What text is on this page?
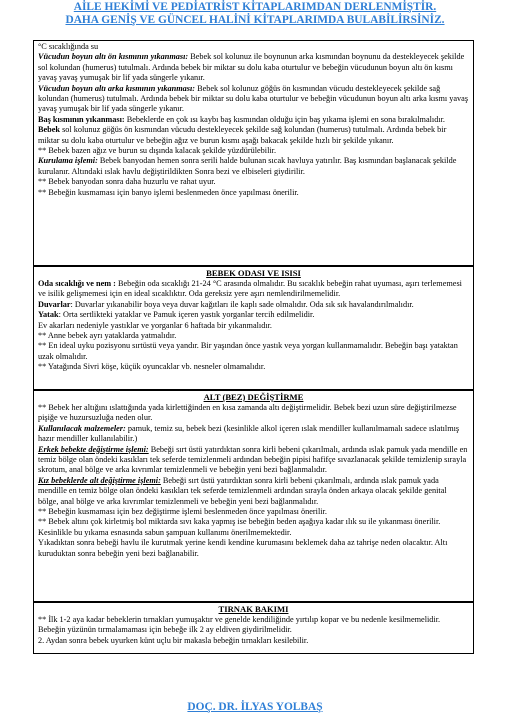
AİLE HEKİMİ VE PEDİATRİST KİTAPLARIMDAN DERLENMİŞTİR.
DAHA GENİŞ VE GÜNCEL HALİNİ KİTAPLARIMDA BULABİLİRSİNİZ.

°C sıcaklığında su

Vücudun boyun altı ön kısmının yıkanması: Bebek sol kolunuz ile boynunun arka kısmından boynunu da destekleyecek şekilde sol kolundan (humerus) tutulmalı. Ardında bebek bir miktar su dolu kaba oturtulur ve bebeğin vücudunun boyun altı ön kısmı yavaş yavaş yumuşak bir lif yada süngerle yıkanır.

Vücudun boyun altı arka kısmının yıkanması: Bebek sol kolunuz göğüs ön kısmından vücudu destekleyecek şekilde sağ kolundan (humerus) tutulmalı. Ardında bebek bir miktar su dolu kaba oturtulur ve bebeğin vücudunun boyun altı arka kısmı yavaş yavaş yumuşak bir lif yada süngerle yıkanır.

Baş kısmının yıkanması: Bebeklerde en çok ısı kaybı baş kısmından olduğu için baş yıkama işlemi en sona bırakılmalıdır. Bebek sol kolunuz göğüs ön kısmından vücudu destekleyecek şekilde sağ kolundan (humerus) tutulmalı. Ardında bebek bir miktar su dolu kaba oturtulur ve bebeğin ağız ve burun kısmı aşağı bakacak şekilde hızlı bir şekilde yıkanır.

** Bebek bazen ağız ve burun su dışında kalacak şekilde yüzdürülebilir.

Kurulama işlemi: Bebek banyodan hemen sonra serili halde bulunan sıcak havluya yatırılır. Baş kısmından başlanacak şekilde kurulanır. Altındaki ıslak havlu değiştirildikten Sonra bezi ve elbiseleri giydirilir.

** Bebek banyodan sonra daha huzurlu ve rahat uyur.

** Bebeğin kusmaması için banyo işlemi beslenmeden önce yapılması önerilir.

BEBEK ODASI VE ISISI

Oda sıcaklığı ve nem : Bebeğin oda sıcaklığı 21-24 °C arasında olmalıdır. Bu sıcaklık bebeğin rahat uyuması, aşırı terlememesi ve isilik gelişmemesi için en ideal sıcaklıktır. Oda gereksiz yere aşırı nemlendirilmemelidir.

Duvarlar: Duvarlar yıkanabilir boya veya duvar kağıtları ile kaplı sade olmalıdır. Oda sık sık havalandırılmalıdır.

Yatak: Orta sertlikteki yataklar ve Pamuk içeren yastık yorganlar tercih edilmelidir.

Ev akarları nedeniyle yastıklar ve yorganlar 6 haftada bir yıkanmalıdır.

** Anne bebek ayrı yataklarda yatmalıdır.

** En ideal uyku pozisyonu sırtüstü veya yandır. Bir yaşından önce yastık veya yorgan kullanmamalıdır. Bebeğin başı yataktan uzak olmalıdır.

** Yatağında Sivri köşe, küçük oyuncaklar vb. nesneler olmamalıdır.

ALT (BEZ) DEĞİŞTİRME

** Bebek her altığını ıslattığında yada kirlettiğinden en kısa zamanda altı değiştirmelidir. Bebek bezi uzun süre değiştirilmezse pişiğe ve huzursuzluğa neden olur.

Kullanılacak malzemeler: pamuk, temiz su, bebek bezi (kesinlikle alkol içeren ıslak mendiller kullanılmamalı sadece ıslatılmış hazır mendiller kullanılabilir.)

Erkek bebekte değiştirme işlemi: Bebeği sırt üstü yatırdıktan sonra kirli bebeni çıkarılmalı, ardında ıslak pamuk yada mendille en temiz bölge olan öndeki kasıkları tek seferde temizlenmeli ardından bebeğin pipisi hafifçe sıvazlanacak şekilde temizlenip sırayla skrotum, anal bölge ve arka kıvrımlar temizlenmeli ve bebeğin yeni bezi bağlanmalıdır.

Kız bebeklerde alt değiştirme işlemi: Bebeği sırt üstü yatırdıktan sonra kirli bebeni çıkarılmalı, ardında ıslak pamuk yada mendille en temiz bölge olan öndeki kasıkları tek seferde temizlenmeli ardından sırayla önden arkaya olacak şekilde genital bölge, anal bölge ve arka kıvrımlar temizlenmeli ve bebeğin yeni bezi bağlanmalıdır.

** Bebeğin kusmaması için bez değiştirme işlemi beslenmeden önce yapılması önerilir.

** Bebek altını çok kirletmiş bol miktarda sıvı kaka yapmış ise bebeğin beden aşağıya kadar ılık su ile yıkanması önerilir. Kesinlikle bu yıkama esnasında sabun şampuan kullanımı önerilmemektedir.

Yıkadıktan sonra bebeği havlu ile kurutmak yerine kendi kendine kurumasını beklemek daha az tahrişe neden olacaktır. Altı kuruduktan sonra bebeğin yeni bezi bağlanabilir.

TIRNAK BAKIMI

** İlk 1-2 aya kadar bebeklerin tırnakları yumuşaktır ve genelde kendiliğinde yırtılıp kopar ve bu nedenle kesilmemelidir. Bebeğin yüzünün tırmalamaması için bebeğe ilk 2 ay eldiven giydirilmelidir.

2. Aydan sonra bebek uyurken künt uçlu bir makasla bebeğin tırnakları kesilebilir.

DOÇ. DR. İLYAS YOLBAŞ
